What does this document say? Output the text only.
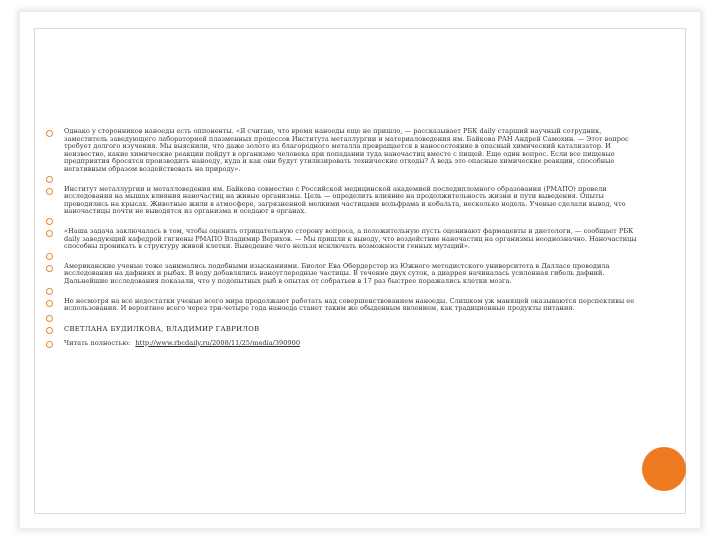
Однако у сторонников наноеды есть оппоненты. «Я считаю, что время наноеды еще не пришло, — рассказывает РБК daily старший научный сотрудник, заместитель заведующего лабораторией плазменных процессов Института металлургии и материаловедения им. Байкова РАН Андрей Самохин. — Этот вопрос требует долгого изучения. Мы выяснили, что даже золото из благородного металла превращается в наносостояние в опасный химический катализатор. И неизвестно, какие химические реакции пойдут в организме человека при попадании туда наночастиц вместе с пищей. Еще один вопрос. Если все пищевые предприятия бросятся производить наноеду, куда и как они будут утилизировать технические отходы? А ведь это опасные химические реакции, способные негативным образом воздействовать на природу».

Институт металлургии и металловедения им. Байкова совместно с Российской медицинской академией последипломного образования (РМАПО) провели исследования на мышах влияния наночастиц на живые организмы. Цель — определить влияние на продолжительность жизни и пути выведения. Опыты проводились на крысах. Животные жили в атмосфере, загрязненной мелкими частицами вольфрама и кобальта, несколько недель. Ученые сделали вывод, что наночастицы почти не выводятся из организма и оседают в органах.

«Наша задача заключалась в том, чтобы оценить отрицательную сторону вопроса, а положительную пусть оценивают фармацевты и диетологи, — сообщает РБК daily заведующий кафедрой гигиены РМАПО Владимир Верихов. — Мы пришли к выводу, что воздействие наночастиц на организмы неоднозначно. Наночастицы способны проникать в структуру живой клетки. Выведение чего нельзя исключать возможности генных мутаций».

Американские ученые тоже занимались подобными изысканиями. Биолог Ева Обердерстер из Южного методистского университета в Далласе проводила исследования на дафниях и рыбах. В воду добавлялись наноуглеродные частицы. В течение двух суток, а диаррея начиналась усиленная гибель дафний. Дальнейшие исследования показали, что у подопытных рыб в опытах от собратьев в 17 раз быстрее поражались клетки мозга.

Но несмотря на все недостатки ученые всего мира продолжают работать над совершенствованием наноеды. Слишком уж манящей оказываются перспективы ее использования. И вероятнее всего через три-четыре года наноеда станет таким же обыденным явлением, как традиционные продукты питания.

СВЕТЛАНА БУДИЛКОВА, ВЛАДИМИР ГАВРИЛОВ
Читать полностью:
http://www.rbcdaily.ru/2008/11/25/media/390900
